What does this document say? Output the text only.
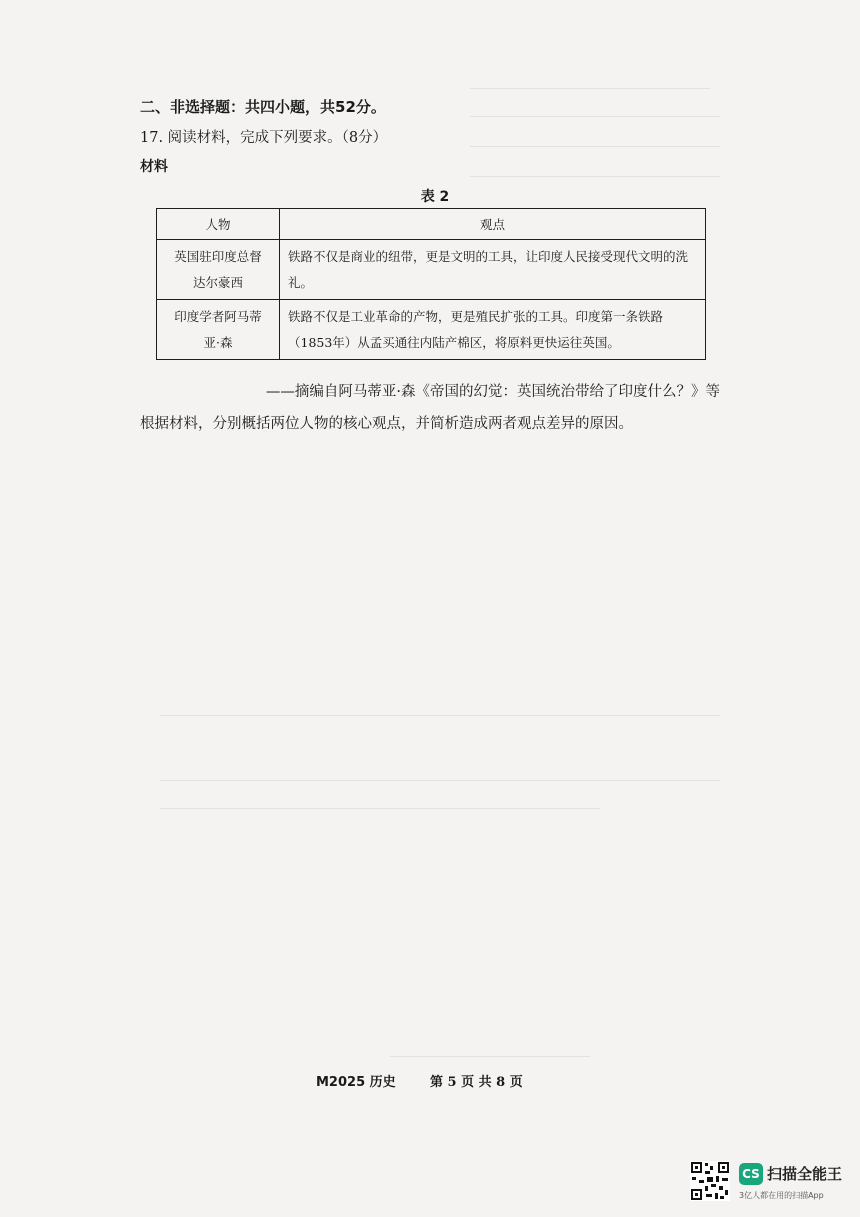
二、非选择题：共四小题，共52分。
17. 阅读材料，完成下列要求。（8分）
材料
表 2
人物	观点

英国驻印度总督
达尔豪西	铁路不仅是商业的纽带，更是文明的工具，让印度人民接受现代文明的洗礼。

印度学者阿马蒂
亚·森	铁路不仅是工业革命的产物，更是殖民扩张的工具。印度第一条铁路（1853年）从孟买通往内陆产棉区，将原料更快运往英国。
——摘编自阿马蒂亚·森《帝国的幻觉：英国统治带给了印度什么？》等
根据材料，分别概括两位人物的核心观点，并简析造成两者观点差异的原因。
M2025 历史	第 5 页 共 8 页
CS 扫描全能王
3亿人都在用的扫描App
